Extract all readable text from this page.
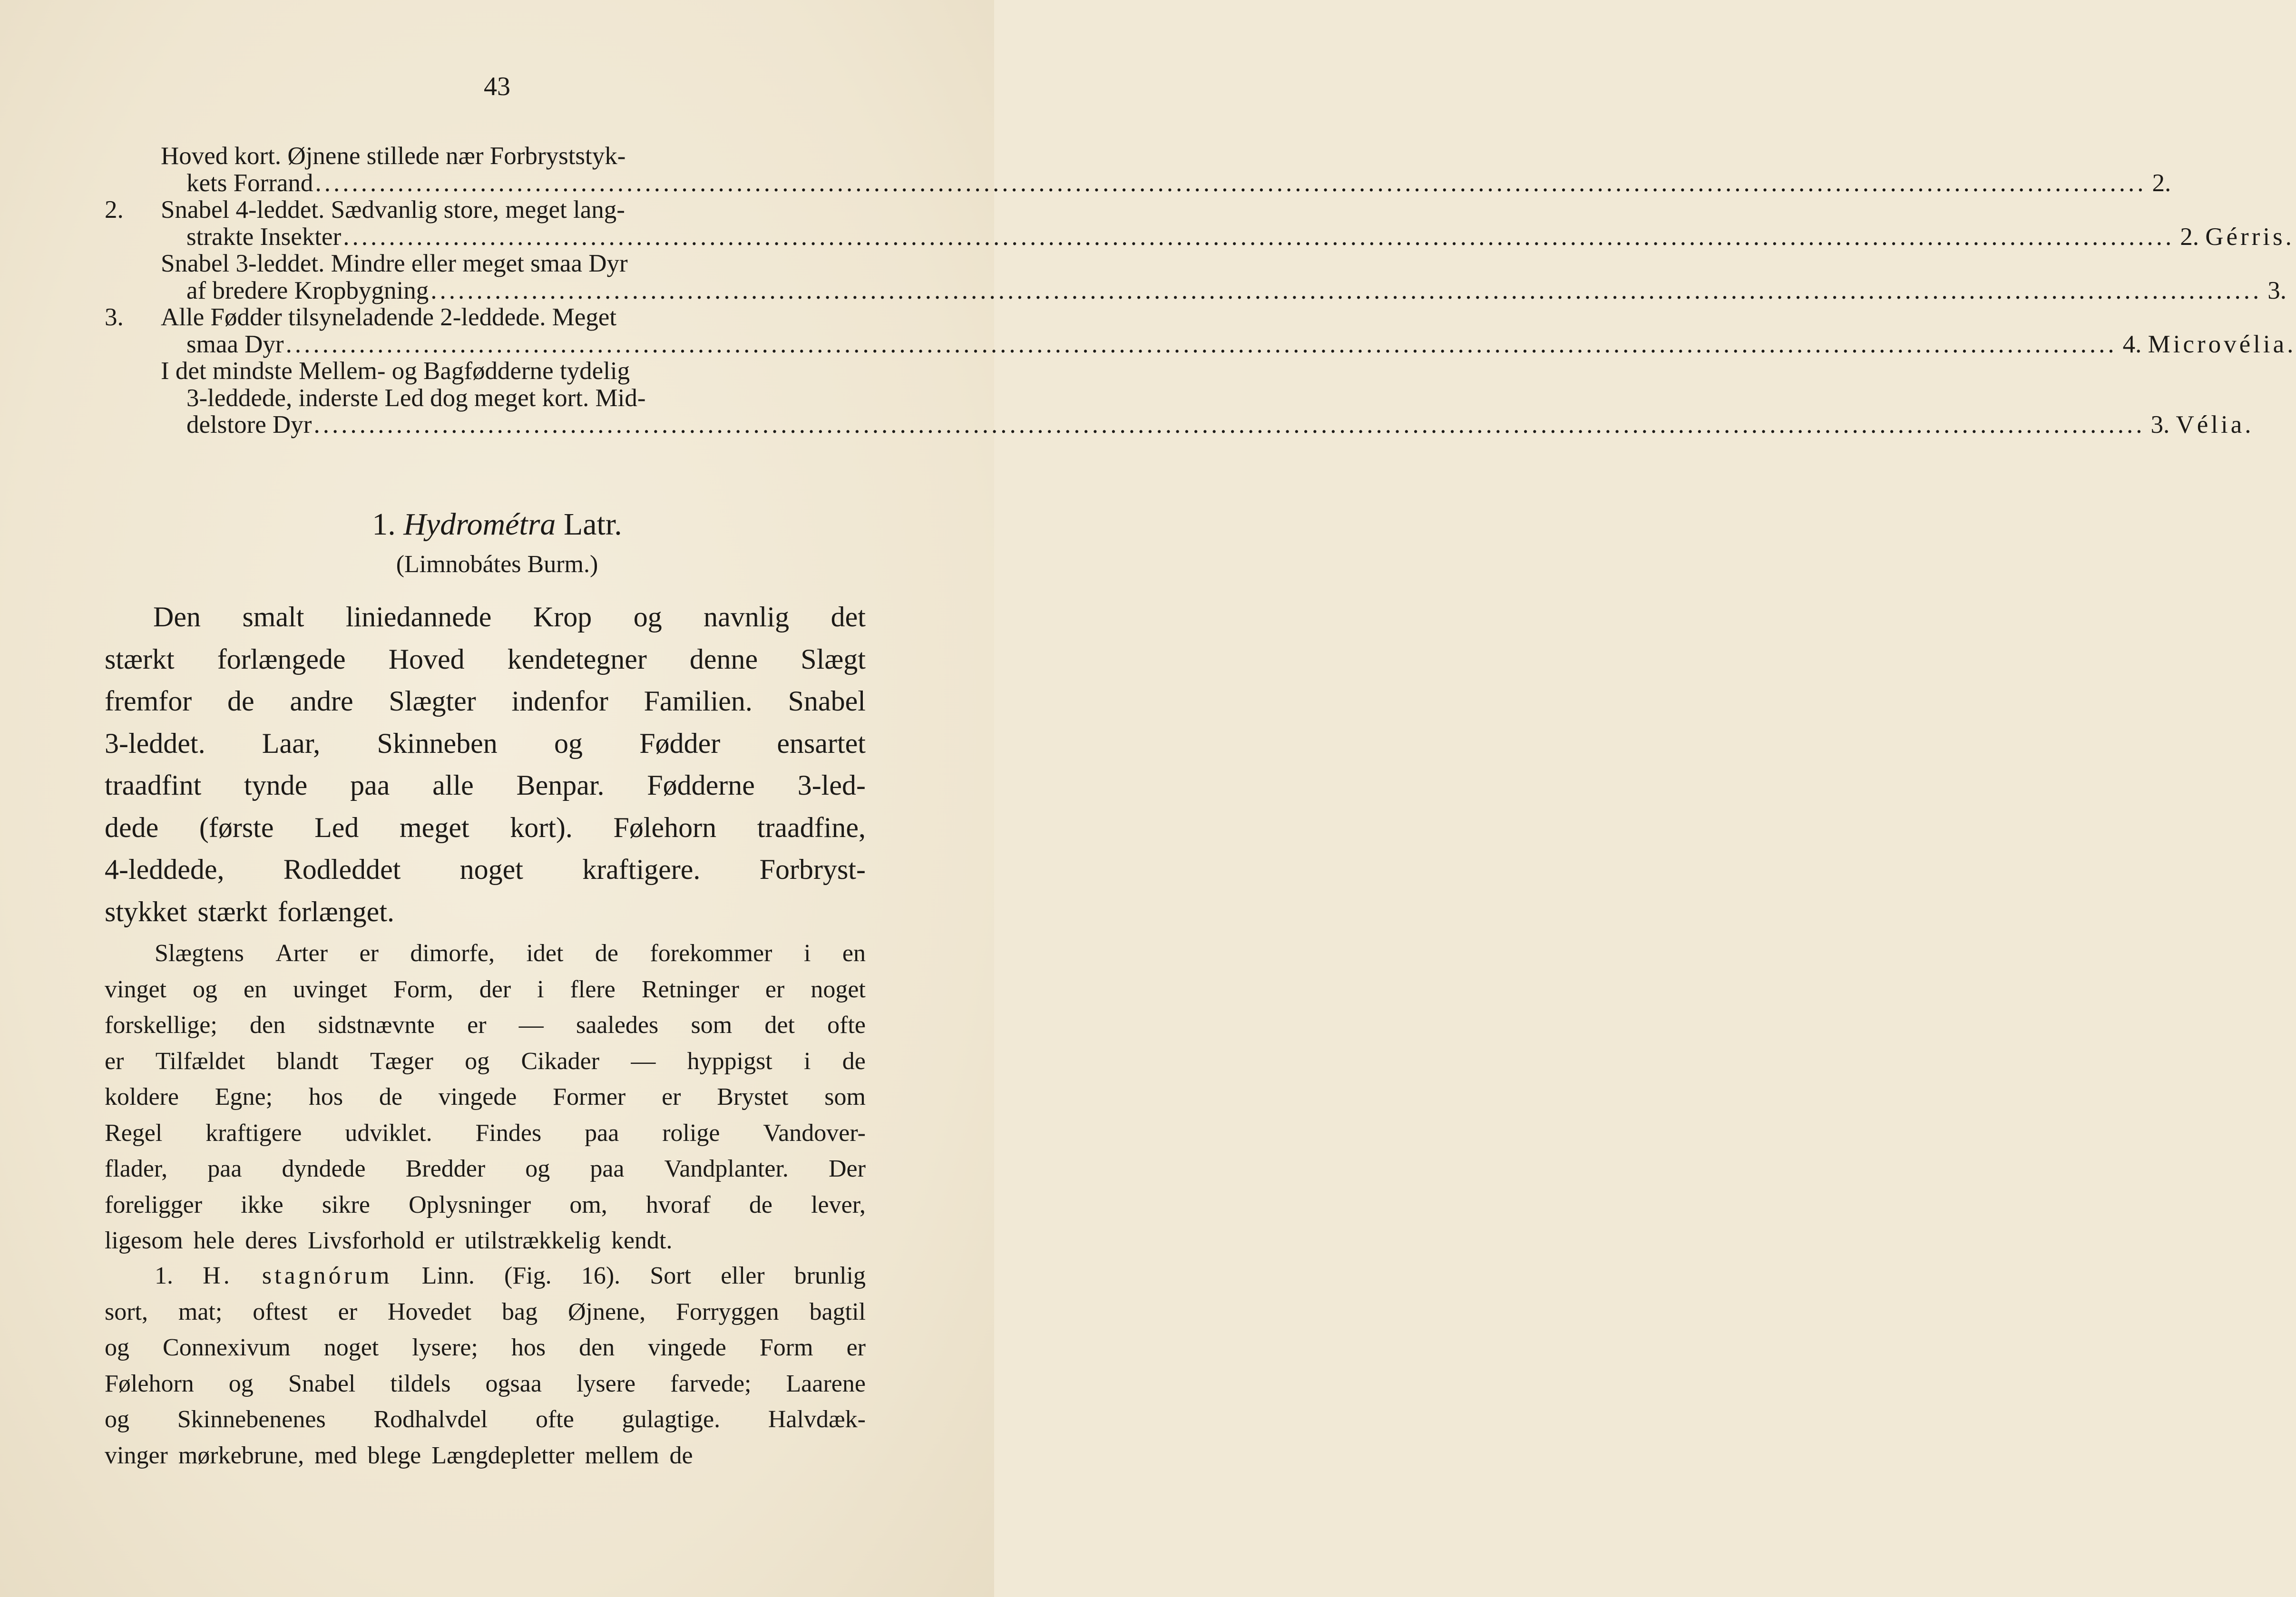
43
Hoved kort. Øjnene stillede nær Forbryststyk-
kets Forrand ........................................................................................................................................................................................................ 2.
2. Snabel 4-leddet. Sædvanlig store, meget lang-
strakte Insekter ........................................................................................................................................................................................................ 2. Gérris.
Snabel 3-leddet. Mindre eller meget smaa Dyr
af bredere Kropbygning ........................................................................................................................................................................................................ 3.
3. Alle Fødder tilsyneladende 2-leddede. Meget
smaa Dyr ........................................................................................................................................................................................................ 4. Microvélia.
I det mindste Mellem- og Bagfødderne tydelig
3-leddede, inderste Led dog meget kort. Mid-
delstore Dyr ........................................................................................................................................................................................................ 3. Vélia.
1. Hydrométra Latr.
(Limnobátes Burm.)
Den smalt liniedannede Krop og navnlig det
stærkt forlængede Hoved kendetegner denne Slægt
fremfor de andre Slægter indenfor Familien. Snabel
3-leddet. Laar, Skinneben og Fødder ensartet
traadfint tynde paa alle Benpar. Fødderne 3-led-
dede (første Led meget kort). Følehorn traadfine,
4-leddede, Rodleddet noget kraftigere. Forbryst-
stykket stærkt forlænget.
Slægtens Arter er dimorfe, idet de forekommer i en
vinget og en uvinget Form, der i flere Retninger er noget
forskellige; den sidstnævnte er — saaledes som det ofte
er Tilfældet blandt Tæger og Cikader — hyppigst i de
koldere Egne; hos de vingede Former er Brystet som
Regel kraftigere udviklet. Findes paa rolige Vandover-
flader, paa dyndede Bredder og paa Vandplanter. Der
foreligger ikke sikre Oplysninger om, hvoraf de lever,
ligesom hele deres Livsforhold er utilstrækkelig kendt.
1. H. stagnórum Linn. (Fig. 16). Sort eller brunlig
sort, mat; oftest er Hovedet bag Øjnene, Forryggen bagtil
og Connexivum noget lysere; hos den vingede Form er
Følehorn og Snabel tildels ogsaa lysere farvede; Laarene
og Skinnebenenes Rodhalvdel ofte gulagtige. Halvdæk-
vinger mørkebrune, med blege Længdepletter mellem de
